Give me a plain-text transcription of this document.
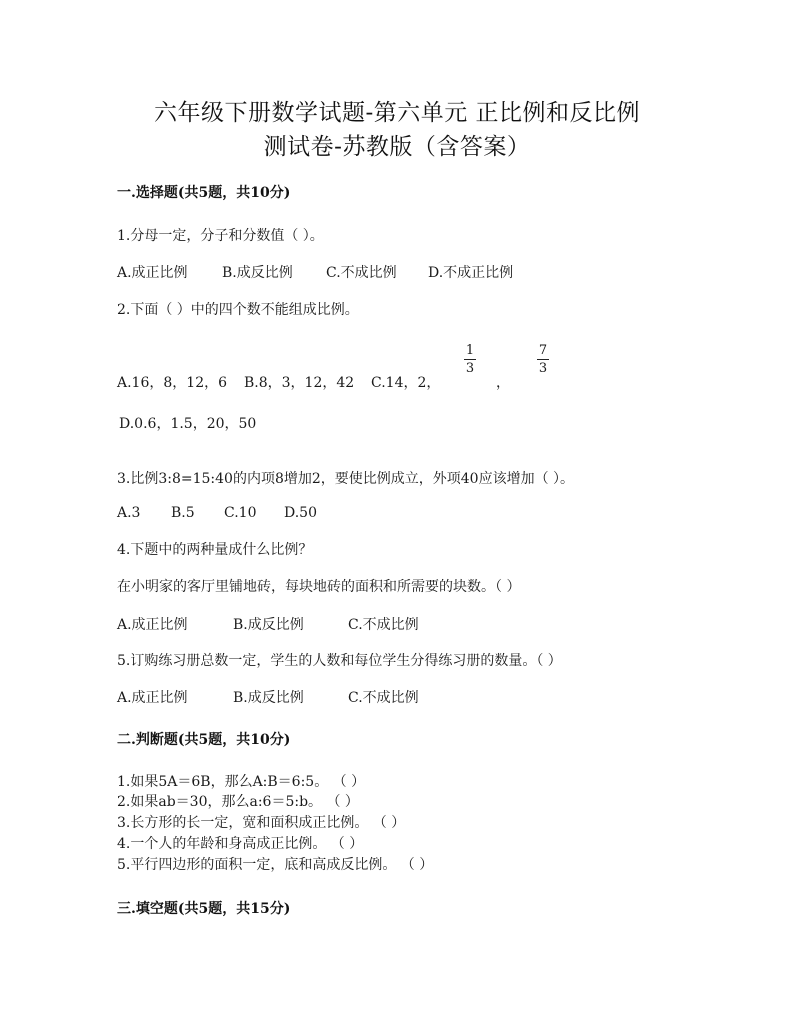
六年级下册数学试题-第六单元 正比例和反比例
测试卷-苏教版（含答案）
一.选择题(共5题，共10分)
1.分母一定，分子和分数值（ ）。
A.成正比例 B.成反比例 C.不成比例 D.不成正比例
2.下面（ ）中的四个数不能组成比例。
A.16，8，12，6 B.8，3，12，42 C.14，2，
1
3
，
7
3
D.0.6，1.5，20，50
3.比例3:8=15:40的内项8增加2，要使比例成立，外项40应该增加（ ）。
A.3 B.5 C.10 D.50
4.下题中的两种量成什么比例？
在小明家的客厅里铺地砖，每块地砖的面积和所需要的块数。（ ）
A.成正比例	B.成反比例	C.不成比例
5.订购练习册总数一定，学生的人数和每位学生分得练习册的数量。（ ）
A.成正比例	B.成反比例	C.不成比例
二.判断题(共5题，共10分)
1.如果5A＝6B，那么A:B＝6:5。 （ ）
2.如果ab＝30，那么a:6＝5:b。 （ ）
3.长方形的长一定，宽和面积成正比例。 （ ）
4.一个人的年龄和身高成正比例。 （ ）
5.平行四边形的面积一定，底和高成反比例。 （ ）
三.填空题(共5题，共15分)
